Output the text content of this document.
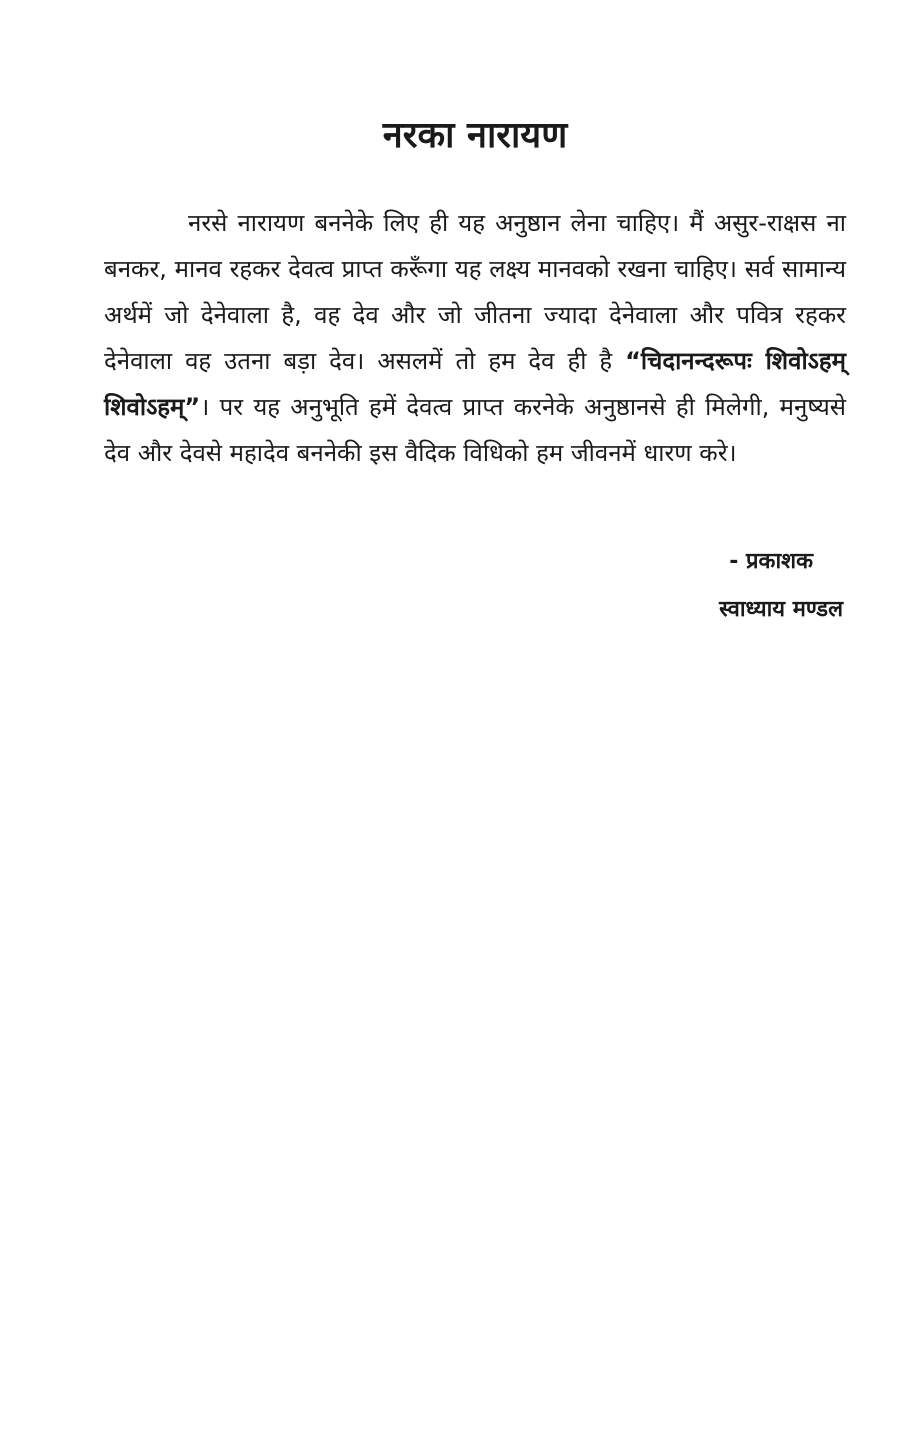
नरका नारायण

नरसे नारायण बननेके लिए ही यह अनुष्ठान लेना चाहिए। मैं असुर-राक्षस ना बनकर, मानव रहकर देवत्व प्राप्त करूँगा यह लक्ष्य मानवको रखना चाहिए। सर्व सामान्य अर्थमें जो देनेवाला है, वह देव और जो जीतना ज्यादा देनेवाला और पवित्र रहकर देनेवाला वह उतना बड़ा देव। असलमें तो हम देव ही है “चिदानन्दरूपः शिवोऽहम् शिवोऽहम्”। पर यह अनुभूति हमें देवत्व प्राप्त करनेके अनुष्ठानसे ही मिलेगी, मनुष्यसे देव और देवसे महादेव बननेकी इस वैदिक विधिको हम जीवनमें धारण करे।

- प्रकाशक
स्वाध्याय मण्डल
